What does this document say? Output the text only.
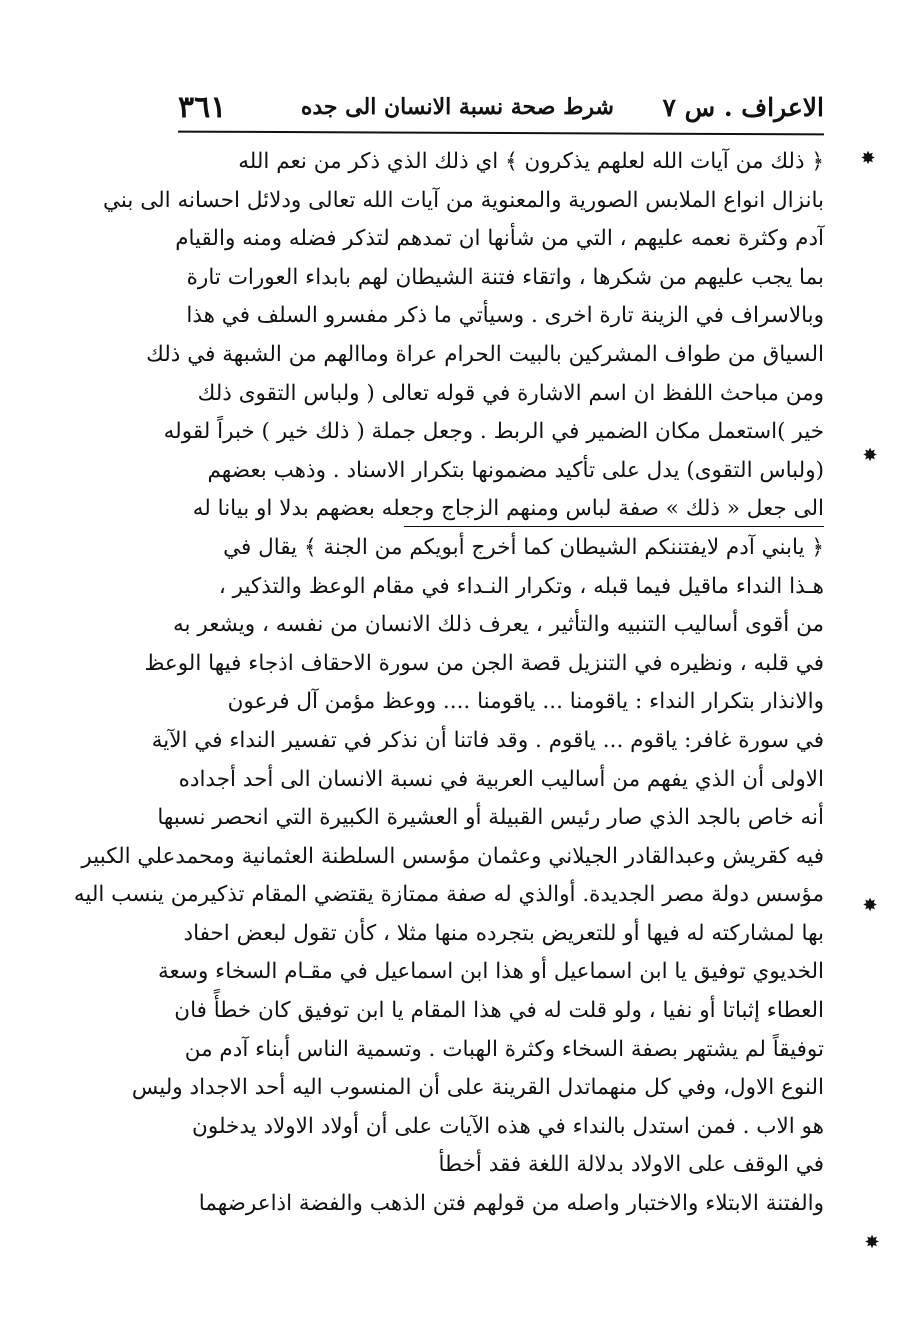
الاعراف . س ٧
شرط صحة نسبة الانسان الى جده
٣٦١
﴿ ذلك من آيات الله لعلهم يذكرون ﴾ اي ذلك الذي ذكر من نعم الله
بانزال انواع الملابس الصورية والمعنوية من آيات الله تعالى ودلائل احسانه الى بني
آدم وكثرة نعمه عليهم ، التي من شأنها ان تمدهم لتذكر فضله ومنه والقيام
بما يجب عليهم من شكرها ، واتقاء فتنة الشيطان لهم بابداء العورات تارة
وبالاسراف في الزينة تارة اخرى . وسيأتي ما ذكر مفسرو السلف في هذا
السياق من طواف المشركين بالبيت الحرام عراة وماالهم من الشبهة في ذلك
ومن مباحث اللفظ ان اسم الاشارة في قوله تعالى ( ولباس التقوى ذلك
خير )استعمل مكان الضمير في الربط . وجعل جملة ( ذلك خير ) خبراً لقوله
(ولباس التقوى) يدل على تأكيد مضمونها بتكرار الاسناد . وذهب بعضهم
الى جعل « ذلك » صفة لباس ومنهم الزجاج وجعله بعضهم بدلا او بيانا له
﴿ يابني آدم لايفتننكم الشيطان كما أخرج أبويكم من الجنة ﴾ يقال في
هـذا النداء ماقيل فيما قبله ، وتكرار النـداء في مقام الوعظ والتذكير ،
من أقوى أساليب التنبيه والتأثير ، يعرف ذلك الانسان من نفسه ، ويشعر به
في قلبه ، ونظيره في التنزيل قصة الجن من سورة الاحقاف اذجاء فيها الوعظ
والانذار بتكرار النداء : ياقومنا ... ياقومنا .... ووعظ مؤمن آل فرعون
في سورة غافر: ياقوم ... ياقوم . وقد فاتنا أن نذكر في تفسير النداء في الآية
الاولى أن الذي يفهم من أساليب العربية في نسبة الانسان الى أحد أجداده
أنه خاص بالجد الذي صار رئيس القبيلة أو العشيرة الكبيرة التي انحصر نسبها
فيه كقريش وعبدالقادر الجيلاني وعثمان مؤسس السلطنة العثمانية ومحمدعلي الكبير
مؤسس دولة مصر الجديدة. أوالذي له صفة ممتازة يقتضي المقام تذكيرمن ينسب اليه
بها لمشاركته له فيها أو للتعريض بتجرده منها مثلا ، كأن تقول لبعض احفاد
الخديوي توفيق يا ابن اسماعيل أو هذا ابن اسماعيل في مقـام السخاء وسعة
العطاء إثباتا أو نفيا ، ولو قلت له في هذا المقام يا ابن توفيق كان خطأً فان
توفيقاً لم يشتهر بصفة السخاء وكثرة الهبات . وتسمية الناس أبناء آدم من
النوع الاول، وفي كل منهماتدل القرينة على أن المنسوب اليه أحد الاجداد وليس
هو الاب . فمن استدل بالنداء في هذه الآيات على أن أولاد الاولاد يدخلون
في الوقف على الاولاد بدلالة اللغة فقد أخطأ
والفتنة الابتلاء والاختبار واصله من قولهم فتن الذهب والفضة اذاعرضهما
✸
✸
✸
✸
